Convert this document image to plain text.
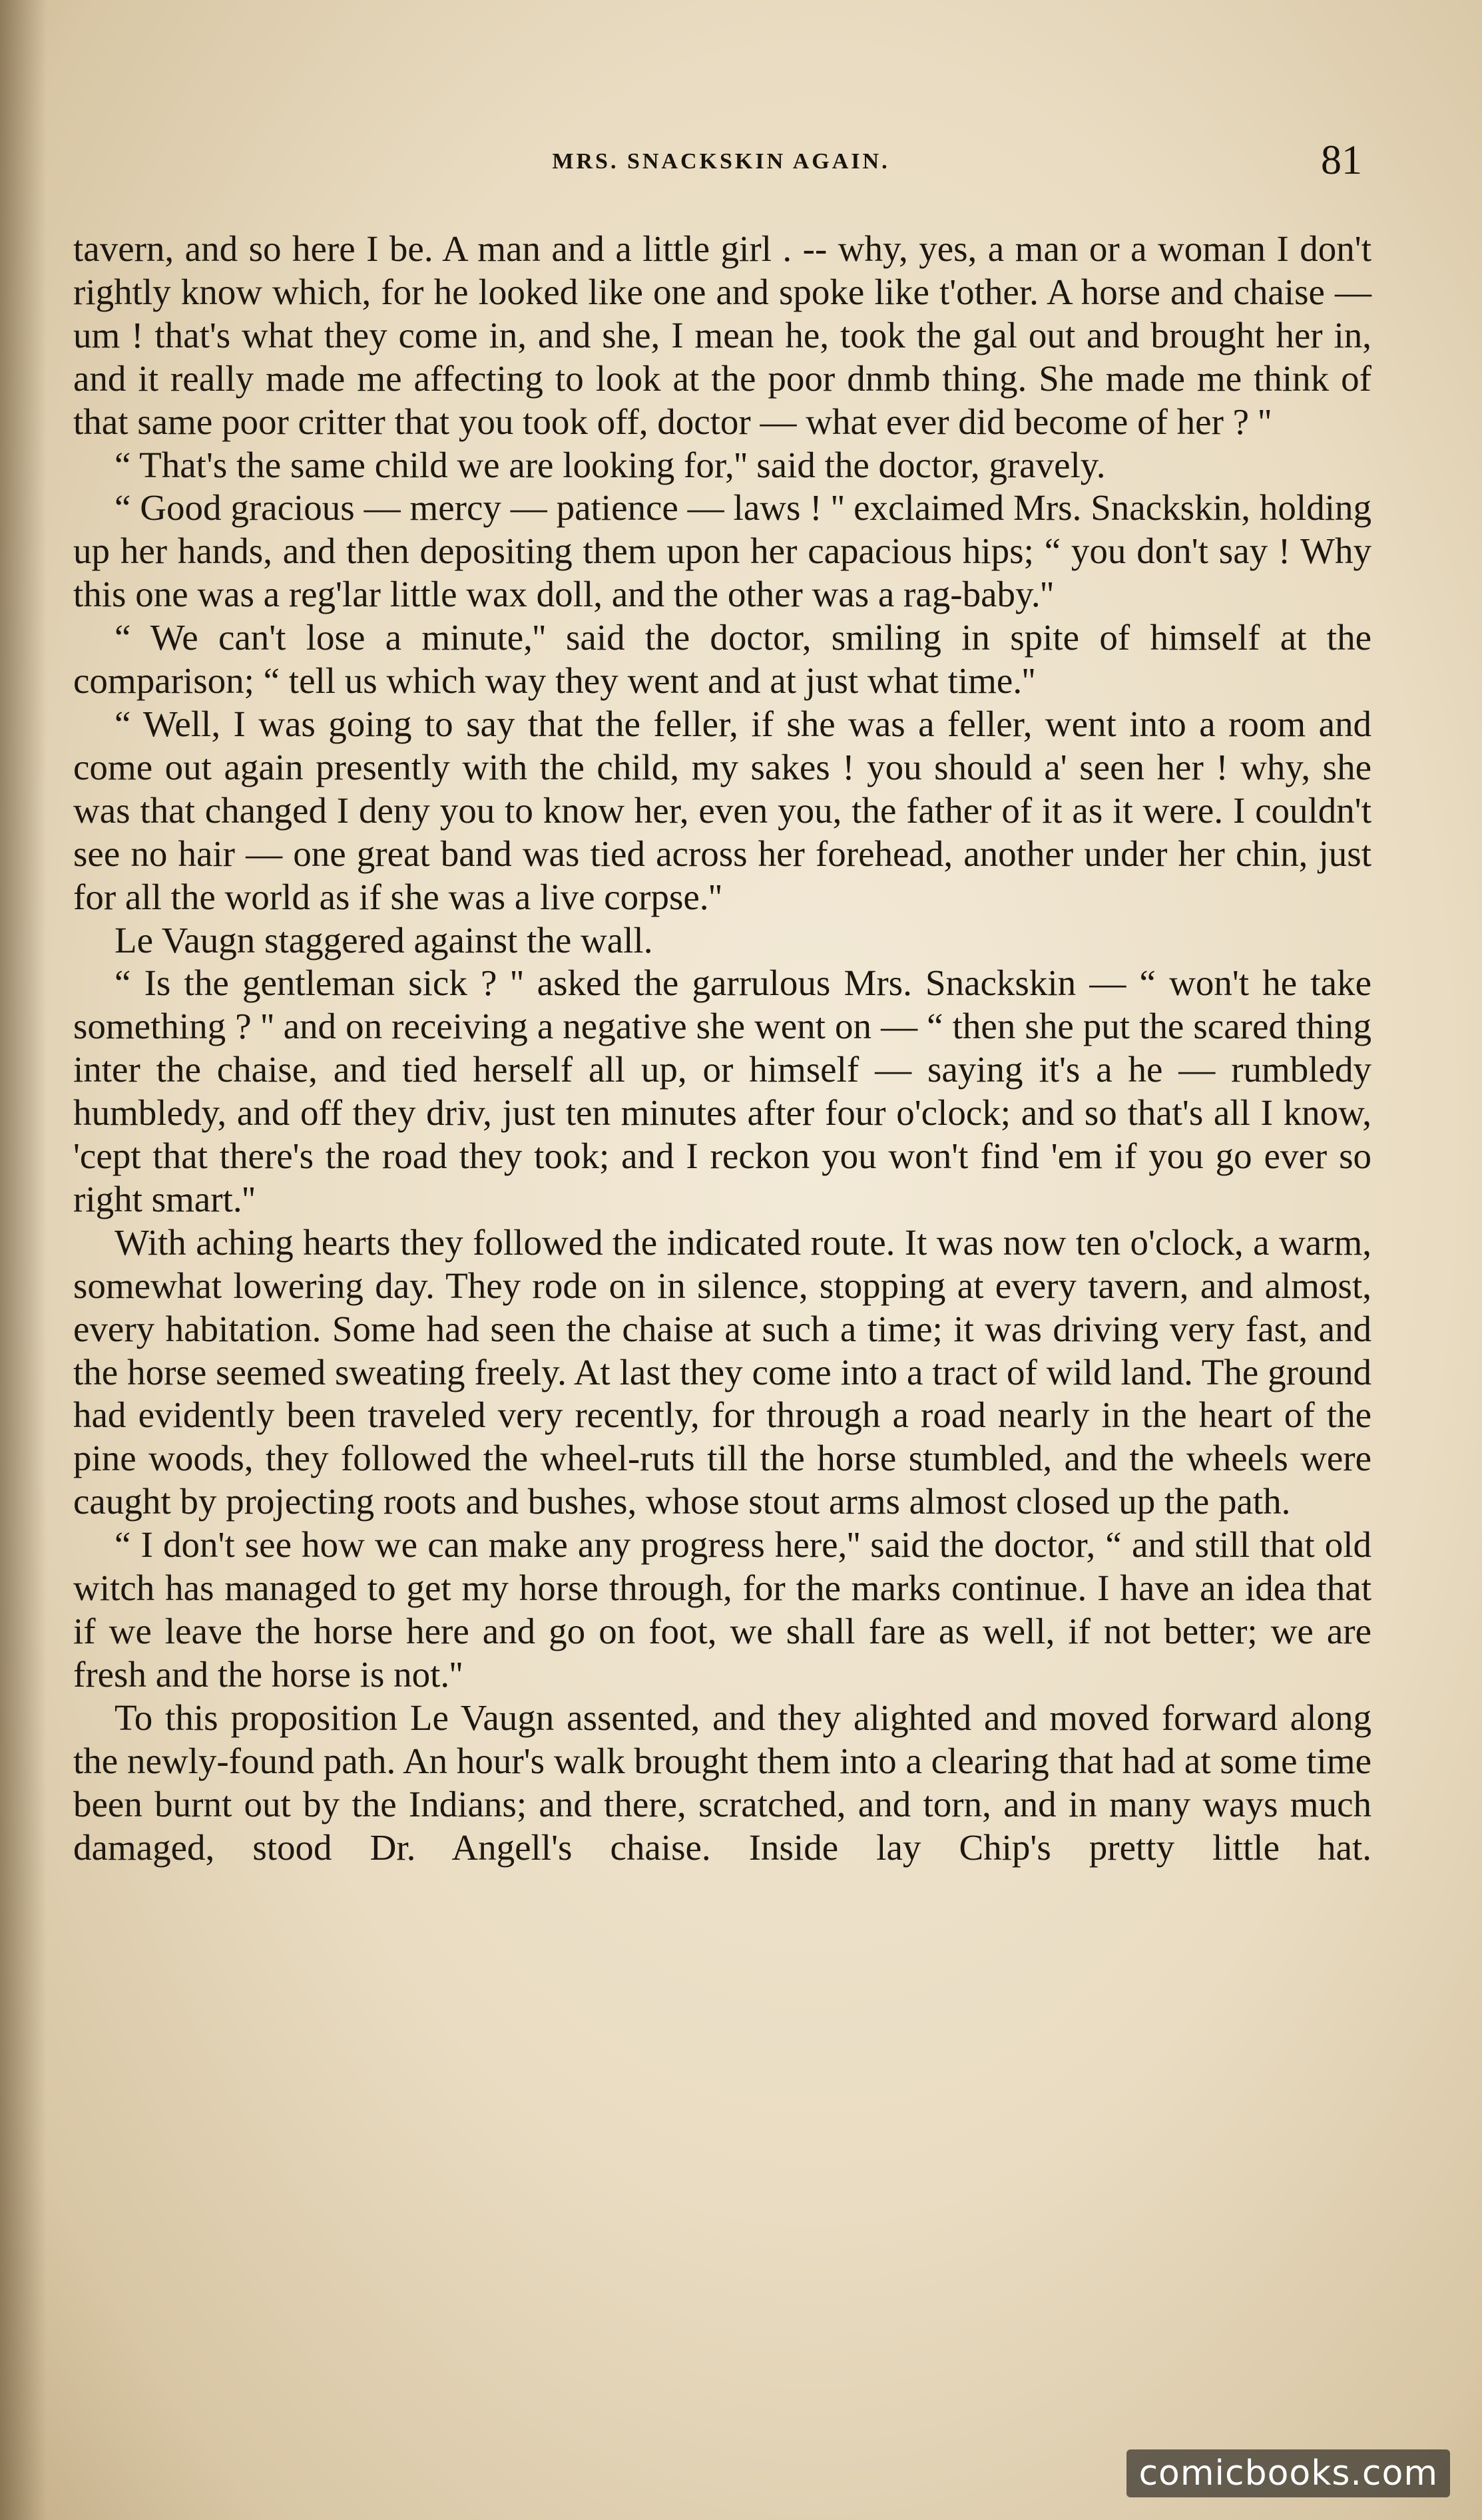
MRS. SNACKSKIN AGAIN.	81

tavern, and so here I be. A man and a little girl . -- why, yes, a man or a woman I don't rightly know which, for he looked like one and spoke like t'other. A horse and chaise — um ! that's what they come in, and she, I mean he, took the gal out and brought her in, and it really made me affecting to look at the poor dnmb thing. She made me think of that same poor critter that you took off, doctor — what ever did become of her ? ''

“ That's the same child we are looking for,'' said the doctor, gravely.

“ Good gracious — mercy — patience — laws ! '' exclaimed Mrs. Snackskin, holding up her hands, and then depositing them upon her capacious hips; “ you don't say ! Why this one was a reg'lar little wax doll, and the other was a rag-baby.''

“ We can't lose a minute,'' said the doctor, smiling in spite of himself at the comparison; “ tell us which way they went and at just what time.''

“ Well, I was going to say that the feller, if she was a feller, went into a room and come out again presently with the child, my sakes ! you should a' seen her ! why, she was that changed I deny you to know her, even you, the father of it as it were. I couldn't see no hair — one great band was tied across her forehead, another under her chin, just for all the world as if she was a live corpse.''

Le Vaugn staggered against the wall.

“ Is the gentleman sick ? '' asked the garrulous Mrs. Snackskin — “ won't he take something ? '' and on receiving a negative she went on — “ then she put the scared thing inter the chaise, and tied herself all up, or himself — saying it's a he — rumbledy humbledy, and off they driv, just ten minutes after four o'clock; and so that's all I know, 'cept that there's the road they took; and I reckon you won't find 'em if you go ever so right smart.''

With aching hearts they followed the indicated route. It was now ten o'clock, a warm, somewhat lowering day. They rode on in silence, stopping at every tavern, and almost, every habitation. Some had seen the chaise at such a time; it was driving very fast, and the horse seemed sweating freely. At last they come into a tract of wild land. The ground had evidently been traveled very recently, for through a road nearly in the heart of the pine woods, they followed the wheel-ruts till the horse stumbled, and the wheels were caught by projecting roots and bushes, whose stout arms almost closed up the path.

“ I don't see how we can make any progress here,'' said the doctor, “ and still that old witch has managed to get my horse through, for the marks continue. I have an idea that if we leave the horse here and go on foot, we shall fare as well, if not better; we are fresh and the horse is not.''

To this proposition Le Vaugn assented, and they alighted and moved forward along the newly-found path. An hour's walk brought them into a clearing that had at some time been burnt out by the Indians; and there, scratched, and torn, and in many ways much damaged, stood Dr. Angell's chaise. Inside lay Chip's pretty little hat.

comicbooks.com
